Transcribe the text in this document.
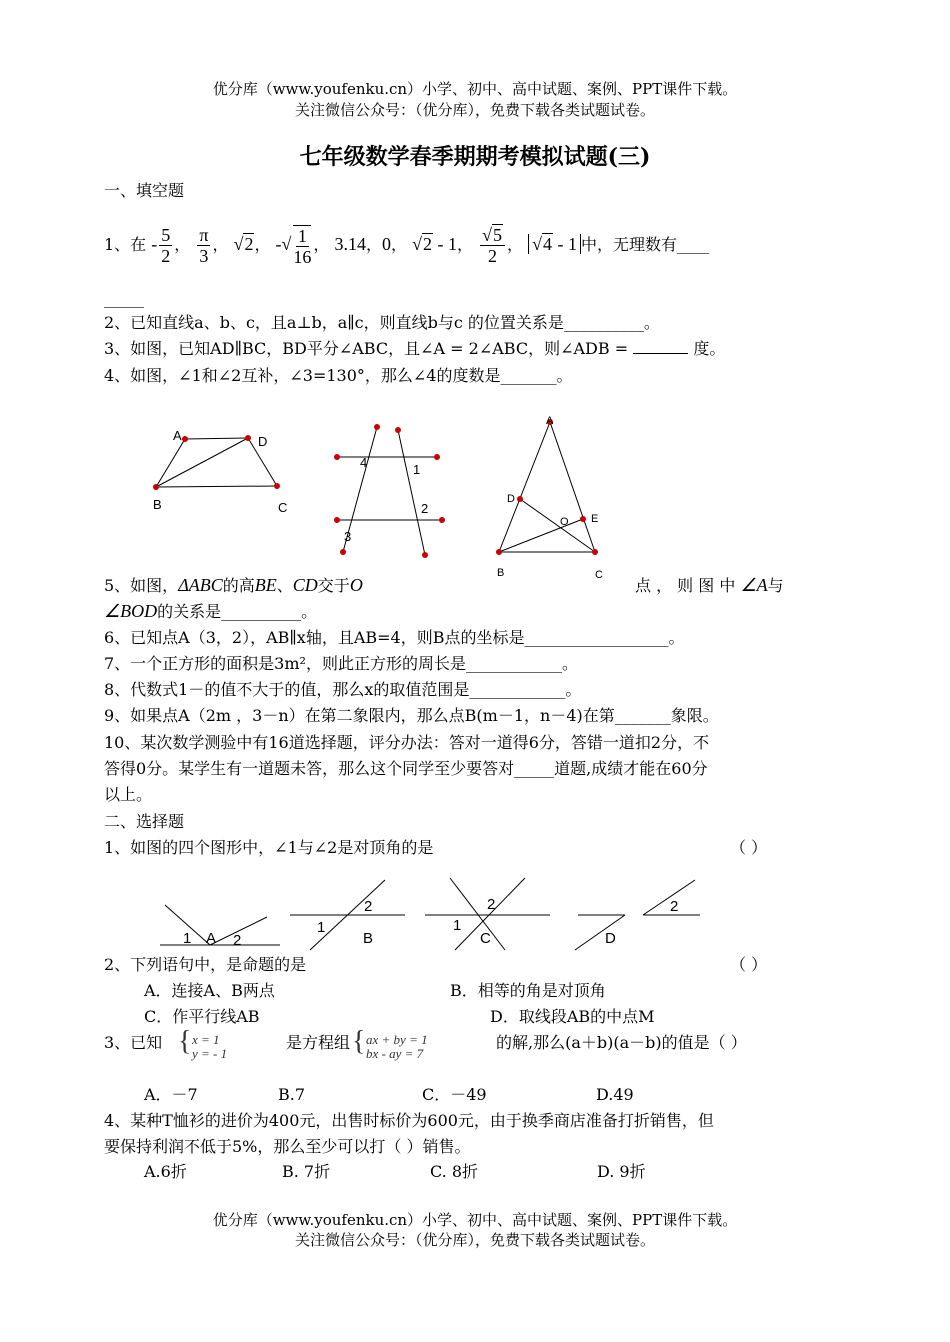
优分库（www.youfenku.cn）小学、初中、高中试题、案例、PPT课件下载。
关注微信公众号：（优分库），免费下载各类试题试卷。
七年级数学春季期期考模拟试题(三)
一、填空题
1、在 - $\frac{5}{2}$ ， $\frac{\pi}{3}$ ， √2， -√ $\frac{1}{16}$ ， 3.14，0， √2 - 1， $\frac{√5}{2}$ ， √4 - 1 中，无理数有____
_____
2、已知直线a、b、c，且a⊥b，a∥c，则直线b与c 的位置关系是__________。
3、如图，已知AD∥BC，BD平分∠ABC，且∠A = 2∠ABC，则∠ADB =	度。
4、如图，∠1和∠2互补，∠3=130°，那么∠4的度数是_______。
A	D
B	C
4	1
2
3
A
D
E
O
B	C
5、如图，ΔABC的高BE、CD交于O	点 ， 则 图 中 ∠A与
∠BOD的关系是__________。
6、已知点A（3，2），AB∥x轴，且AB=4，则B点的坐标是__________________。
7、一个正方形的面积是3m²，则此正方形的周长是____________。
8、代数式1－的值不大于的值，那么x的取值范围是____________。
9、如果点A（2m ，3－n）在第二象限内，那么点B(m－1，n－4)在第_______象限。
10、某次数学测验中有16道选择题，评分办法：答对一道得6分，答错一道扣2分，不
答得0分。某学生有一道题未答，那么这个同学至少要答对_____道题,成绩才能在60分
以上。
二、选择题
1、如图的四个图形中，∠1与∠2是对顶角的是	（ ）
1 A 2
1
2
B
1
2
C	D
2
2、下列语句中，是命题的是	（ ）
A．连接A、B两点	B．相等的角是对顶角
C．作平行线AB	D．取线段AB的中点M
3、已知 { x = 1
y = - 1
是方程组 { ax + by = 1
bx - ay = 7
的解,那么(a＋b)(a－b)的值是（ ）
A．－7	B.7	C．－49	D.49
4、某种T恤衫的进价为400元，出售时标价为600元，由于换季商店准备打折销售，但
要保持利润不低于5%，那么至少可以打（ ）销售。
A.6折	B. 7折	C. 8折	D. 9折
优分库（www.youfenku.cn）小学、初中、高中试题、案例、PPT课件下载。
关注微信公众号：（优分库），免费下载各类试题试卷。
